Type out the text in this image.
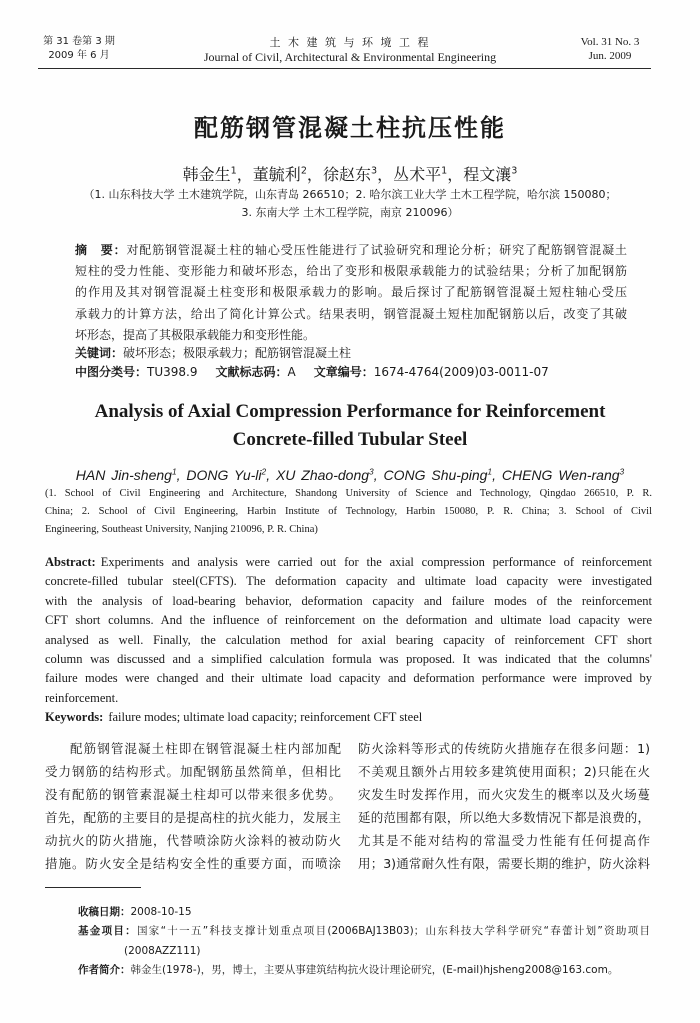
第 31 卷第 3 期
2009 年 6 月
土 木 建 筑 与 环 境 工 程
Journal of Civil, Architectural & Environmental Engineering
Vol. 31 No. 3
Jun. 2009
配筋钢管混凝土柱抗压性能
韩金生$^1$，董毓利$^2$，徐赵东$^3$，丛术平$^1$，程文瀼$^3$
（1. 山东科技大学 土木建筑学院，山东青岛 266510；2. 哈尔滨工业大学 土木工程学院，哈尔滨 150080；
3. 东南大学 土木工程学院，南京 210096）
摘　要：对配筋钢管混凝土柱的轴心受压性能进行了试验研究和理论分析；研究了配筋钢管混凝土
短柱的受力性能、变形能力和破坏形态，给出了变形和极限承载能力的试验结果；分析了加配钢筋
的作用及其对钢管混凝土柱变形和极限承载力的影响。最后探讨了配筋钢管混凝土短柱轴心受压
承载力的计算方法，给出了简化计算公式。结果表明，钢管混凝土短柱加配钢筋以后，改变了其破
坏形态，提高了其极限承载能力和变形性能。
关键词：破坏形态；极限承载力；配筋钢管混凝土柱
中图分类号：TU398.9 文献标志码：A 文章编号：1674-4764(2009)03-0011-07
Analysis of Axial Compression Performance for Reinforcement
Concrete-filled Tubular Steel
HAN Jin-sheng$^1$, DONG $Yu-li^2$, XU Zhao-dong$^3$, CONG Shu-ping$^1$, CHENG Wen-rang$^3$
(1. School of Civil Engineering and Architecture, Shandong University of Science and Technology, Qingdao 266510, P. R.
China; 2. School of Civil Engineering, Harbin Institute of Technology, Harbin 150080, P. R. China; 3. School of Civil
Engineering, Southeast University, Nanjing 210096, P. R. China)
Abstract: Experiments and analysis were carried out for the axial compression performance of reinforcement
concrete-filled tubular steel(CFTS). The deformation capacity and ultimate load capacity were investigated
with the analysis of load-bearing behavior, deformation capacity and failure modes of the reinforcement
CFT short columns. And the influence of reinforcement on the deformation and ultimate load capacity were
analysed as well. Finally, the calculation method for axial bearing capacity of reinforcement CFT short
column was discussed and a simplified calculation formula was proposed. It was indicated that the columns'
failure modes were changed and their ultimate load capacity and deformation performance were improved by
reinforcement.
Keywords: failure modes; ultimate load capacity; reinforcement CFT steel
配筋钢管混凝土柱即在钢管混凝土柱内部加配
受力钢筋的结构形式。加配钢筋虽然简单，但相比
没有配筋的钢管素混凝土柱却可以带来很多优势。
首先，配筋的主要目的是提高柱的抗火能力，发展主
动抗火的防火措施，代替喷涂防火涂料的被动防火
措施。防火安全是结构安全性的重要方面，而喷涂
防火涂料等形式的传统防火措施存在很多问题：1)
不美观且额外占用较多建筑使用面积；2)只能在火
灾发生时发挥作用，而火灾发生的概率以及火场蔓
延的范围都有限，所以绝大多数情况下都是浪费的，
尤其是不能对结构的常温受力性能有任何提高作
用；3)通常耐久性有限，需要长期的维护，防火涂料
收稿日期：2008-10-15
基金项目：国家“十一五”科技支撑计划重点项目(2006BAJ13B03)；山东科技大学科学研究“春蕾计划”资助项目
(2008AZZ111)
作者简介：韩金生(1978-)，男，博士，主要从事建筑结构抗火设计理论研究，(E-mail)hjsheng2008@163.com。
